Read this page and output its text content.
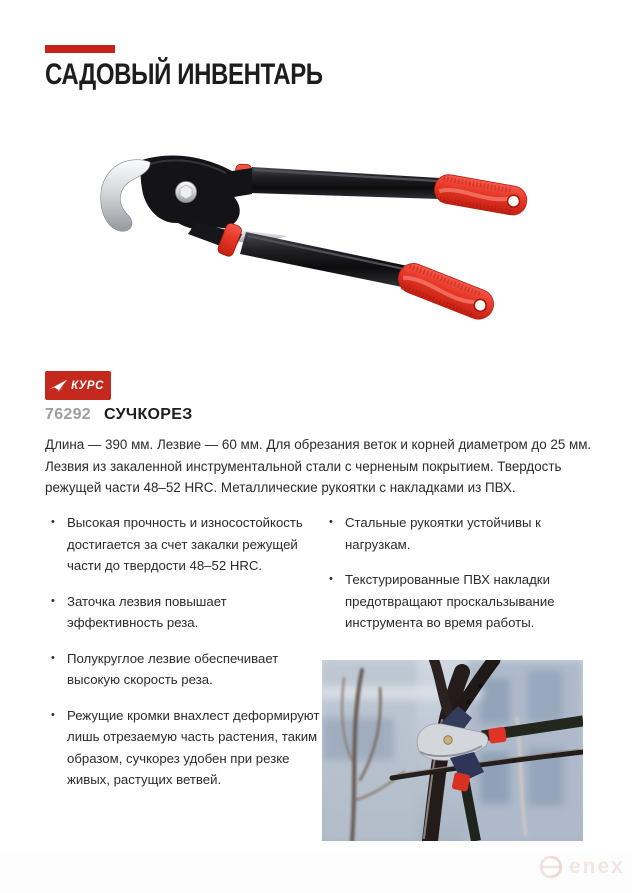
САДОВЫЙ ИНВЕНТАРЬ
КУРС
76292 СУЧКОРЕЗ

Длина — 390 мм. Лезвие — 60 мм. Для обрезания веток и корней диаметром до 25 мм. Лезвия из закаленной инструментальной стали с черненым покрытием. Твердость режущей части 48–52 HRC. Металлические рукоятки с накладками из ПВХ.

• Высокая прочность и износостойкость достигается за счет закалки режущей части до твердости 48–52 HRC.
• Заточка лезвия повышает эффективность реза.
• Полукруглое лезвие обеспечивает высокую скорость реза.
• Режущие кромки внахлест деформируют лишь отрезаемую часть растения, таким образом, сучкорез удобен при резке живых, растущих ветвей.
• Стальные рукоятки устойчивы к нагрузкам.
• Текстурированные ПВХ накладки предотвращают проскальзывание инструмента во время работы.
enex
